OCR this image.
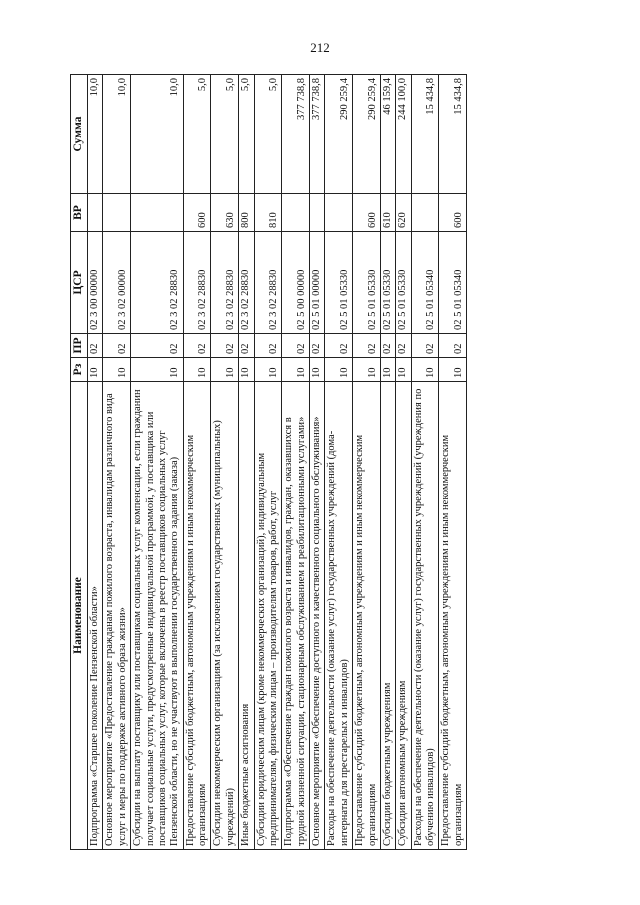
212
Наименование	Рз	ПР	ЦСР	ВР	Сумма
Подпрограмма «Старшее поколение Пензенской области»	10	02	02 3 00 00000		10,0
Основное мероприятие «Предоставление гражданам пожилого возраста, инвалидам различного вида услуг и меры по поддержке активного образа жизни»	10	02	02 3 02 00000		10,0
Субсидии на выплату поставщику или поставщикам социальных услуг компенсации, если гражданин получает социальные услуги, предусмотренные индивидуальной программой, у поставщика или поставщиков социальных услуг, которые включены в реестр поставщиков социальных услуг Пензенской области, но не участвуют в выполнении государственного задания (заказа)	10	02	02 3 02 28830		10,0
Предоставление субсидий бюджетным, автономным учреждениям и иным некоммерческим организациям	10	02	02 3 02 28830	600	5,0
Субсидии некоммерческим организациям (за исключением государственных (муниципальных) учреждений)	10	02	02 3 02 28830	630	5,0
Иные бюджетные ассигнования	10	02	02 3 02 28830	800	5,0
Субсидии юридическим лицам (кроме некоммерческих организаций), индивидуальным предпринимателям, физическим лицам – производителям товаров, работ, услуг	10	02	02 3 02 28830	810	5,0
Подпрограмма «Обеспечение граждан пожилого возраста и инвалидов, граждан, оказавшихся в трудной жизненной ситуации, стационарным обслуживанием и реабилитационными услугами»	10	02	02 5 00 00000		377 738,8
Основное мероприятие «Обеспечение доступного и качественного социального обслуживания»	10	02	02 5 01 00000		377 738,8
Расходы на обеспечение деятельности (оказание услуг) государственных учреждений (дома-интернаты для престарелых и инвалидов)	10	02	02 5 01 05330		290 259,4
Предоставление субсидий бюджетным, автономным учреждениям и иным некоммерческим организациям	10	02	02 5 01 05330	600	290 259,4
Субсидии бюджетным учреждениям	10	02	02 5 01 05330	610	46 159,4
Субсидии автономным учреждениям	10	02	02 5 01 05330	620	244 100,0
Расходы на обеспечение деятельности (оказание услуг) государственных учреждений (учреждения по обучению инвалидов)	10	02	02 5 01 05340		15 434,8
Предоставление субсидий бюджетным, автономным учреждениям и иным некоммерческим организациям	10	02	02 5 01 05340	600	15 434,8
